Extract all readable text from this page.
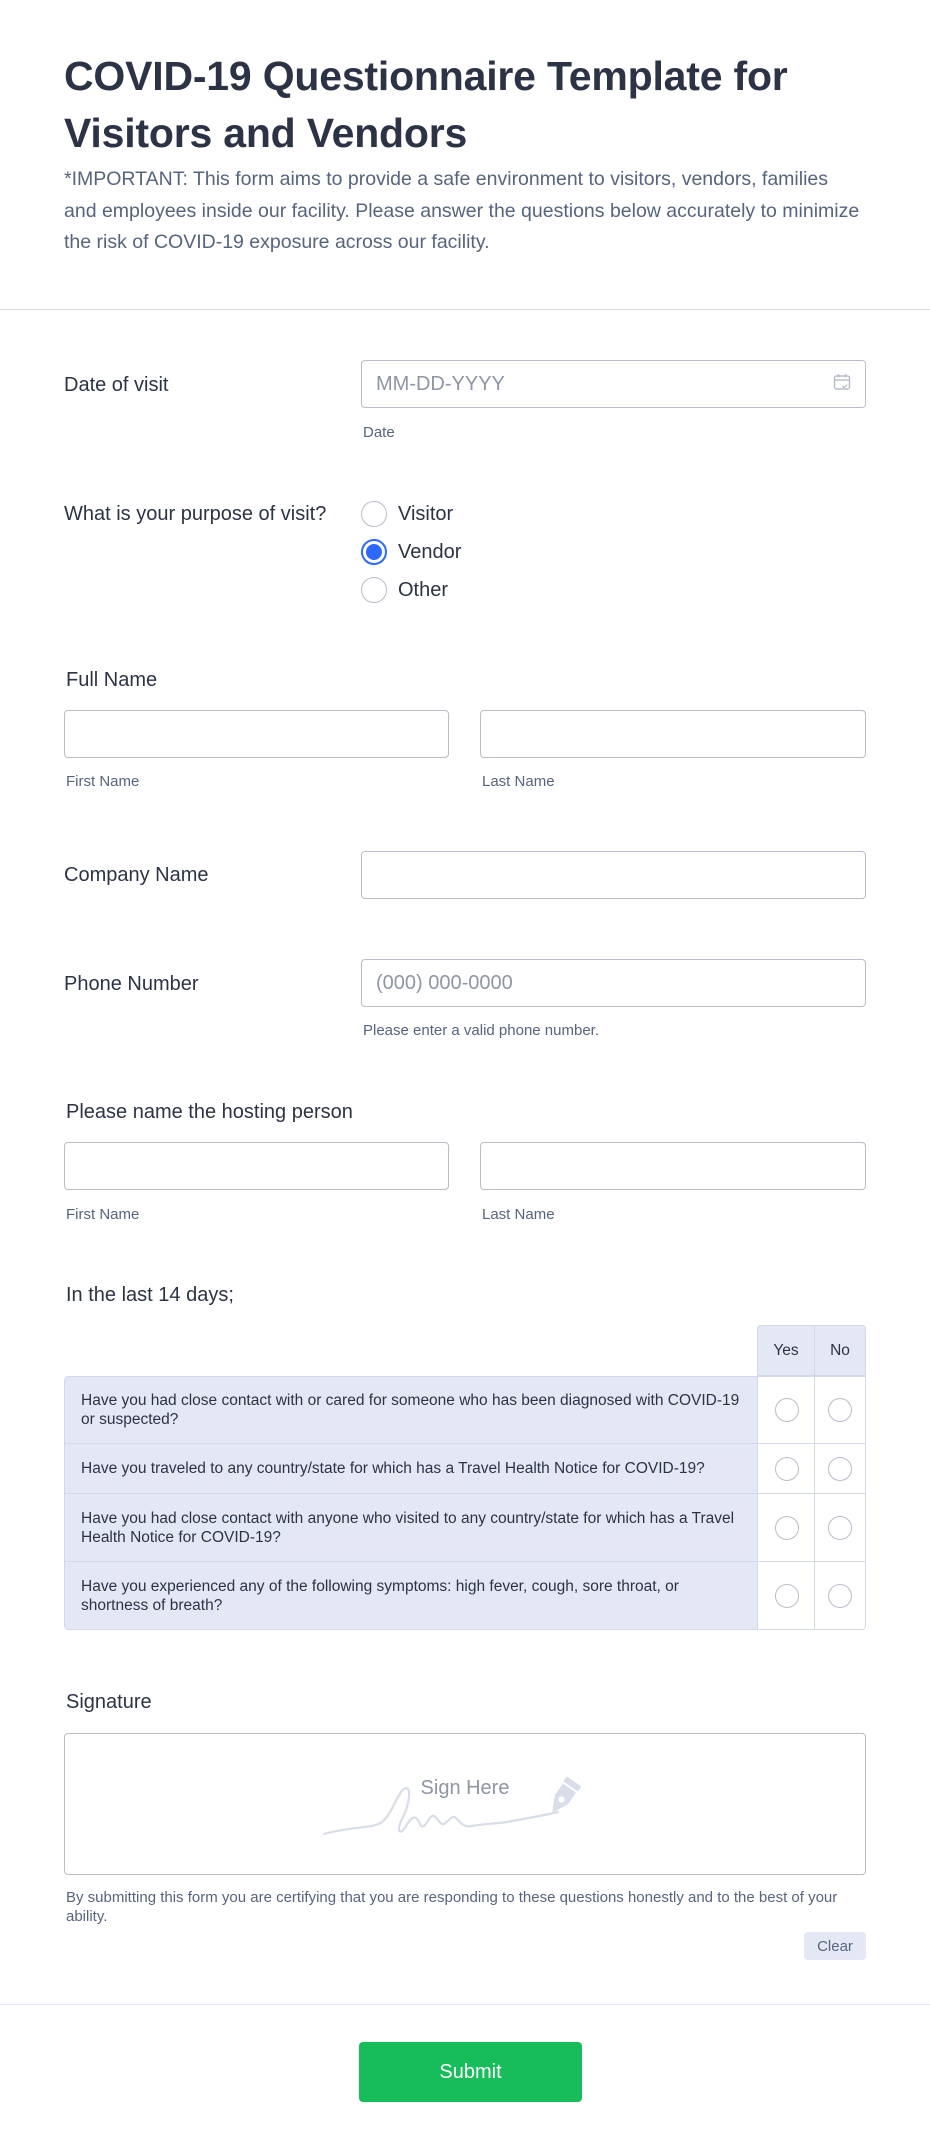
COVID-19 Questionnaire Template for Visitors and Vendors

*IMPORTANT: This form aims to provide a safe environment to visitors, vendors, families and employees inside our facility. Please answer the questions below accurately to minimize the risk of COVID-19 exposure across our facility.

Date of visit
MM-DD-YYYY
Date
What is your purpose of visit?	Visitor
Vendor
Other
Full Name
First Name	Last Name
Company Name
Phone Number
(000) 000-0000
Please enter a valid phone number.
Please name the hosting person
First Name	Last Name
In the last 14 days;
Yes	No
Have you had close contact with or cared for someone who has been diagnosed with COVID-19 or suspected?
Have you traveled to any country/state for which has a Travel Health Notice for COVID-19?
Have you had close contact with anyone who visited to any country/state for which has a Travel Health Notice for COVID-19?
Have you experienced any of the following symptoms: high fever, cough, sore throat, or shortness of breath?
Signature
Sign Here
By submitting this form you are certifying that you are responding to these questions honestly and to the best of your ability.
Clear
Submit
